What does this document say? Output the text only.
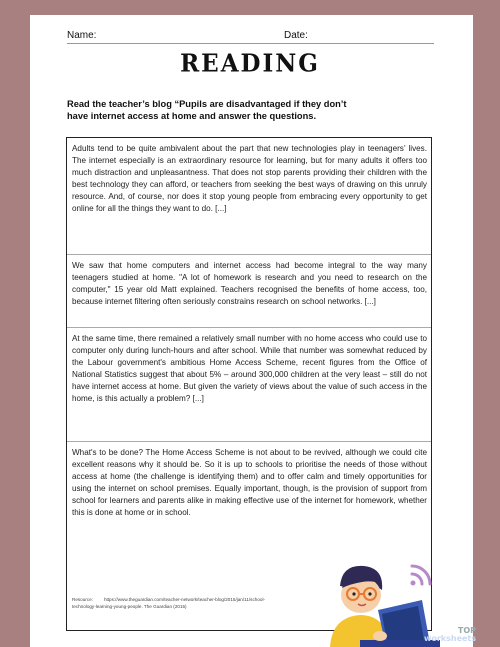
Name:	Date:
READING
Read the teacher’s blog “Pupils are disadvantaged if they don’t
have internet access at home and answer the questions.

Adults tend to be quite ambivalent about the part that new technologies play in teenagers’ lives. The internet especially is an extraordinary resource for learning, but for many adults it offers too much distraction and unpleasantness. That does not stop parents providing their children with the best technology they can afford, or teachers from seeking the best ways of drawing on this unruly resource. And, of course, nor does it stop young people from embracing every opportunity to get online for all the things they want to do. [...]

We saw that home computers and internet access had become integral to the way many teenagers studied at home. "A lot of homework is research and you need to research on the computer," 15 year old Matt explained. Teachers recognised the benefits of home access, too, because internet filtering often seriously constrains research on school networks. [...]

At the same time, there remained a relatively small number with no home access who could use to computer only during lunch-hours and after school. While that number was somewhat reduced by the Labour government's ambitious Home Access Scheme, recent figures from the Office of National Statistics suggest that about 5% – around 300,000 children at the very least – still do not have internet access at home. But given the variety of views about the value of such access in the home, is this actually a problem? [...]

What's to be done? The Home Access Scheme is not about to be revived, although we could cite excellent reasons why it should be. So it is up to schools to prioritise the needs of those without access at home (the challenge is identifying them) and to offer calm and timely opportunities for using the internet on school premises. Equally important, though, is the provision of support from school for learners and parents alike in making effective use of the internet for homework, whether this is done at home or in school.

Resource: https://www.theguardian.com/teacher-network/teacher-blog/2015/jan/11/school-technology-learning-young-people. The Guardian (2015)
TOP
worksheets
